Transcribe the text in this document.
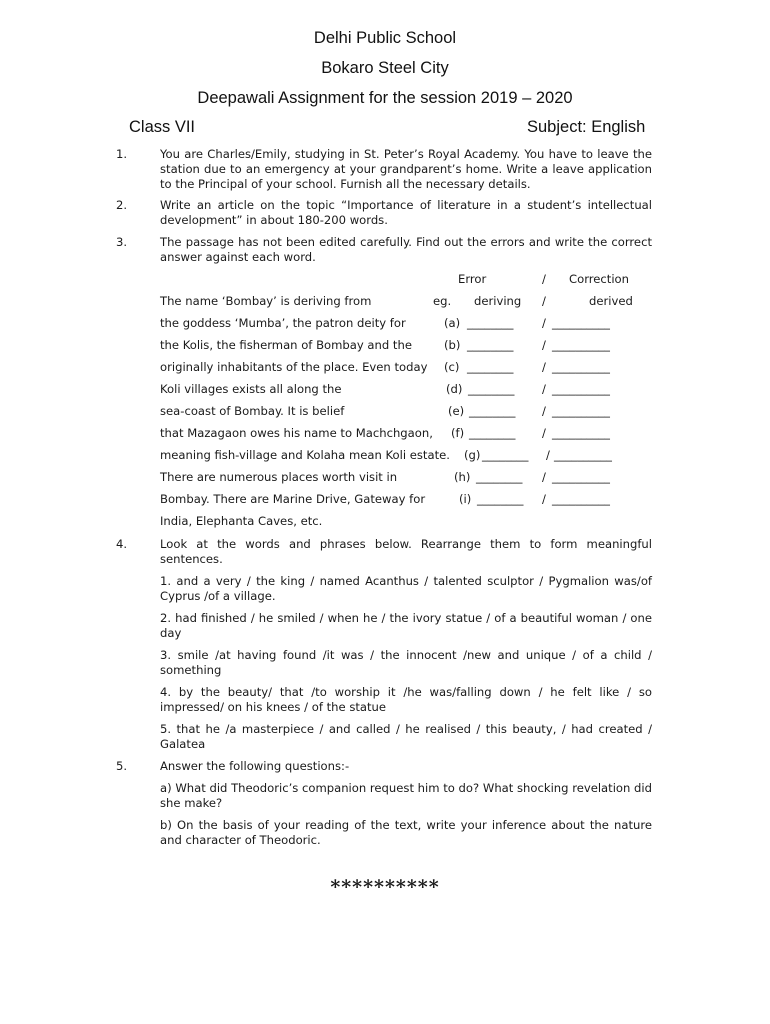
Delhi Public School
Bokaro Steel City
Deepawali Assignment for the session 2019 – 2020
Class VII	Subject: English
1.	You are Charles/Emily, studying in St. Peter’s Royal Academy. You have to leave the station due to an emergency at your grandparent’s home. Write a leave application to the Principal of your school. Furnish all the necessary details.
2.	Write an article on the topic “Importance of literature in a student’s intellectual development” in about 180-200 words.
3.	The passage has not been edited carefully. Find out the errors and write the correct answer against each word.
Error	/ Correction
The name ‘Bombay’ is deriving from	eg. deriving /	derived
the goddess ‘Mumba’, the patron deity for	(a) ________ / __________
the Kolis, the fisherman of Bombay and the	(b) ________ / __________
originally inhabitants of the place. Even today (c) ________ / __________
Koli villages exists all along the	(d) ________ / __________
sea-coast of Bombay. It is belief	(e) ________ / __________
that Mazagaon owes his name to Machchgaon, (f) ________ / __________
meaning fish-village and Kolaha mean Koli estate. (g) ________ / __________
There are numerous places worth visit in	(h) ________ / __________
Bombay. There are Marine Drive, Gateway for	(i) ________ / __________
India, Elephanta Caves, etc.
4.	Look at the words and phrases below. Rearrange them to form meaningful sentences.
1. and a very / the king / named Acanthus / talented sculptor / Pygmalion was/of Cyprus /of a village.
2. had finished / he smiled / when he / the ivory statue / of a beautiful woman / one day
3. smile /at having found /it was / the innocent /new and unique / of a child / something
4. by the beauty/ that /to worship it /he was/falling down / he felt like / so impressed/ on his knees / of the statue
5. that he /a masterpiece / and called / he realised / this beauty, / had created / Galatea
5.	Answer the following questions:-
a) What did Theodoric’s companion request him to do? What shocking revelation did she make?
b) On the basis of your reading of the text, write your inference about the nature and character of Theodoric.
**********
